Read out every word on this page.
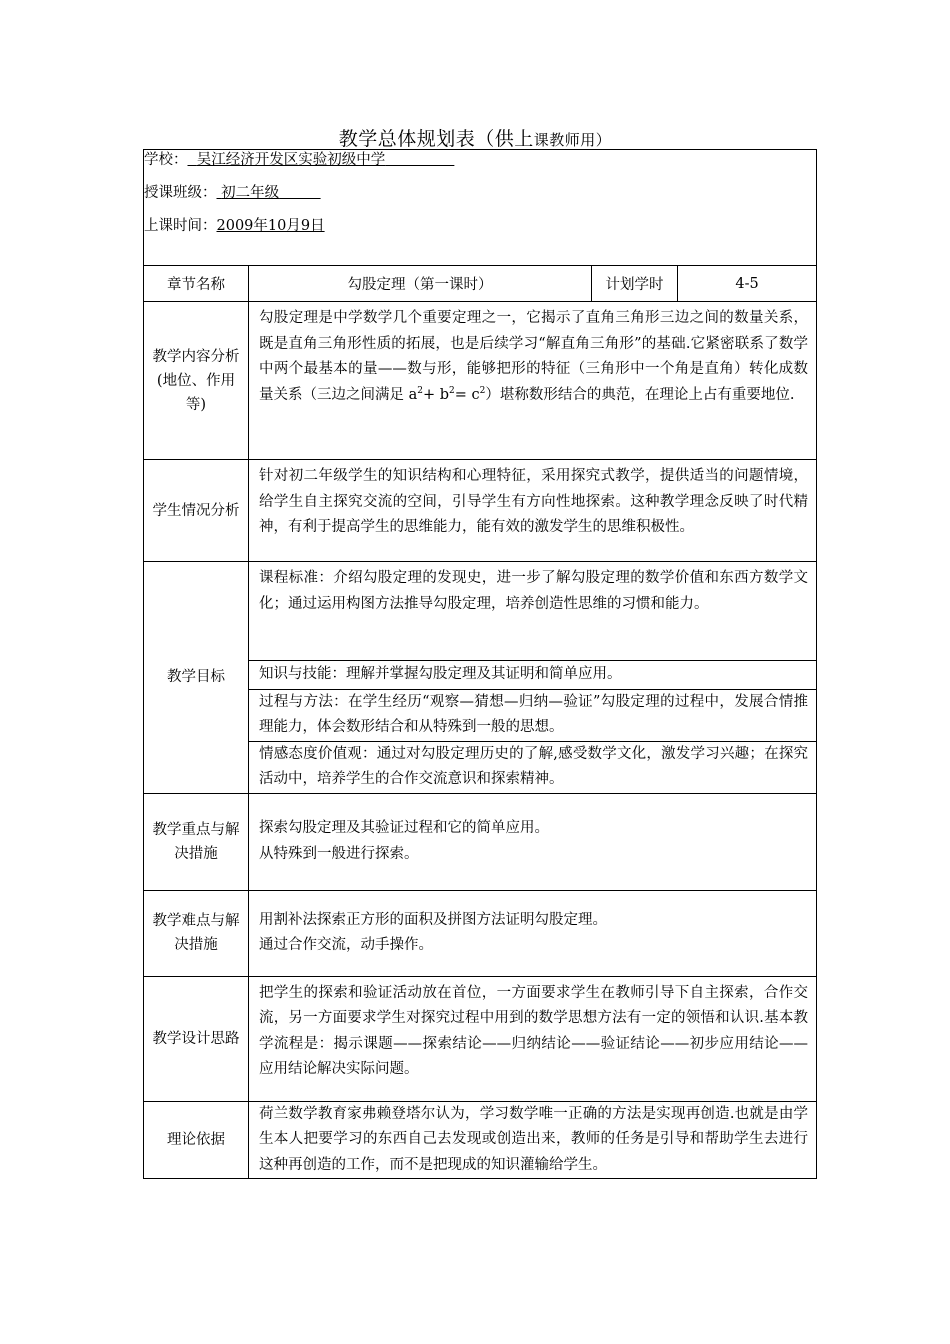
教学总体规划表（供上课教师用）
学校： 吴江经济开发区实验初级中学
授课班级： 初二年级
上课时间：2009年10月9日			

章节名称	勾股定理（第一课时）	计划学时	4-5
教学内容分析(地位、作用等)	勾股定理是中学数学几个重要定理之一，它揭示了直角三角形三边之间的数量关系，既是直角三角形性质的拓展，也是后续学习“解直角三角形”的基础.它紧密联系了数学中两个最基本的量——数与形，能够把形的特征（三角形中一个角是直角）转化成数量关系（三边之间满足 $a^2+ b^2= c^2$）堪称数形结合的典范，在理论上占有重要地位.		
学生情况分析	针对初二年级学生的知识结构和心理特征，采用探究式教学，提供适当的问题情境，给学生自主探究交流的空间，引导学生有方向性地探索。这种教学理念反映了时代精神，有利于提高学生的思维能力，能有效的激发学生的思维积极性。		
教学目标	课程标准：介绍勾股定理的发现史，进一步了解勾股定理的数学价值和东西方数学文化；通过运用构图方法推导勾股定理，培养创造性思维的习惯和能力。		
	知识与技能：理解并掌握勾股定理及其证明和简单应用。		
	过程与方法：在学生经历“观察—猜想—归纳—验证”勾股定理的过程中，发展合情推理能力，体会数形结合和从特殊到一般的思想。		
	情感态度价值观：通过对勾股定理历史的了解,感受数学文化，激发学习兴趣；在探究活动中，培养学生的合作交流意识和探索精神。		
教学重点与解决措施	探索勾股定理及其验证过程和它的简单应用。
从特殊到一般进行探索。		

教学难点与解决措施	用割补法探索正方形的面积及拼图方法证明勾股定理。
通过合作交流，动手操作。		

教学设计思路	把学生的探索和验证活动放在首位，一方面要求学生在教师引导下自主探索，合作交流，另一方面要求学生对探究过程中用到的数学思想方法有一定的领悟和认识.基本教学流程是：揭示课题——探索结论——归纳结论——验证结论——初步应用结论——应用结论解决实际问题。		
理论依据	荷兰数学教育家弗赖登塔尔认为，学习数学唯一正确的方法是实现再创造.也就是由学生本人把要学习的东西自己去发现或创造出来，教师的任务是引导和帮助学生去进行这种再创造的工作，而不是把现成的知识灌输给学生。		
